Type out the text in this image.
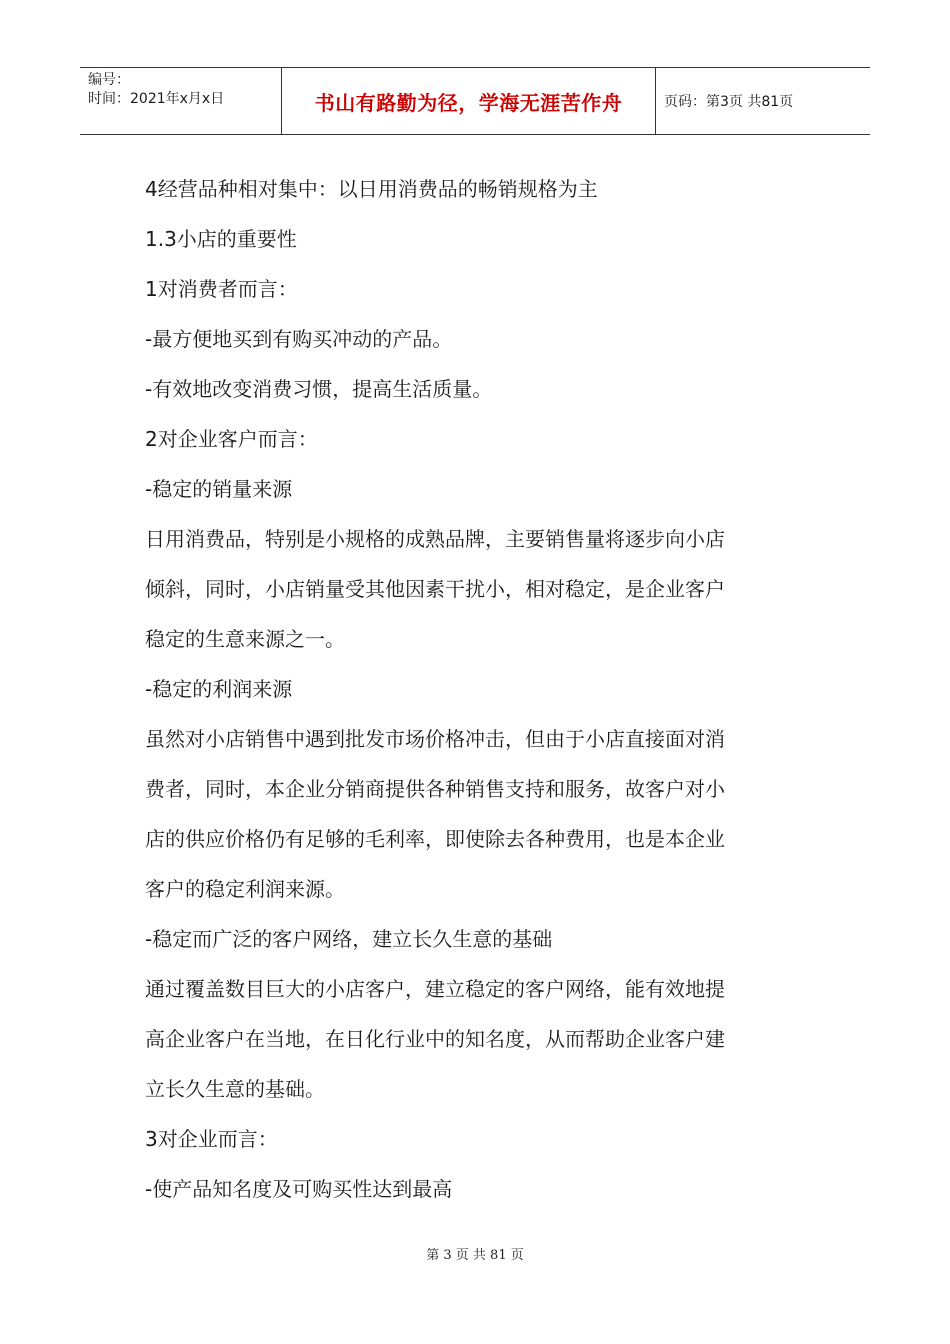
编号：
时间：2021年x月x日	书山有路勤为径，学海无涯苦作舟	页码：第3页 共81页

4经营品种相对集中：以日用消费品的畅销规格为主

1.3小店的重要性

1对消费者而言：

-最方便地买到有购买冲动的产品。

-有效地改变消费习惯，提高生活质量。

2对企业客户而言：

-稳定的销量来源

日用消费品，特别是小规格的成熟品牌，主要销售量将逐步向小店

倾斜，同时，小店销量受其他因素干扰小，相对稳定，是企业客户

稳定的生意来源之一。

-稳定的利润来源

虽然对小店销售中遇到批发市场价格冲击，但由于小店直接面对消

费者，同时，本企业分销商提供各种销售支持和服务，故客户对小

店的供应价格仍有足够的毛利率，即使除去各种费用，也是本企业

客户的稳定利润来源。

-稳定而广泛的客户网络，建立长久生意的基础

通过覆盖数目巨大的小店客户，建立稳定的客户网络，能有效地提

高企业客户在当地，在日化行业中的知名度，从而帮助企业客户建

立长久生意的基础。

3对企业而言：

-使产品知名度及可购买性达到最高

第 3 页 共 81 页
